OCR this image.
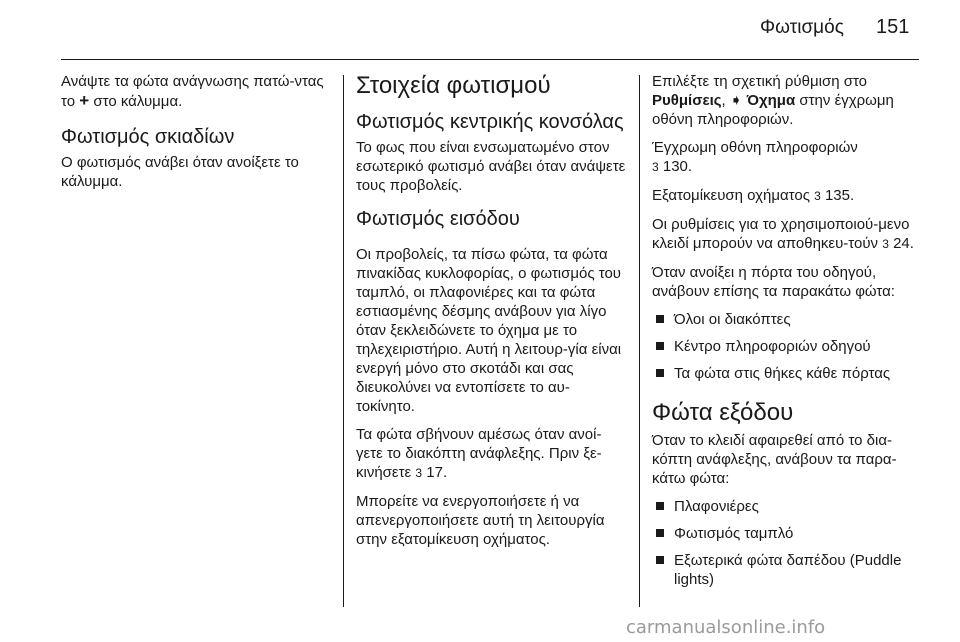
Φωτισμός 151

Ανάψτε τα φώτα ανάγνωσης πατώ-ντας το + στο κάλυμμα.

Φωτισμός σκιαδίων

Ο φωτισμός ανάβει όταν ανοίξετε το κάλυμμα.

Στοιχεία φωτισμού
Φωτισμός κεντρικής κονσόλας

Το φως που είναι ενσωματωμένο στον εσωτερικό φωτισμό ανάβει όταν ανάψετε τους προβολείς.

Φωτισμός εισόδου

Οι προβολείς, τα πίσω φώτα, τα φώτα πινακίδας κυκλοφορίας, ο φωτισμός του ταμπλό, οι πλαφονιέρες και τα φώτα εστιασμένης δέσμης ανάβουν για λίγο όταν ξεκλειδώνετε το όχημα με το τηλεχειριστήριο. Αυτή η λειτουρ-γία είναι ενεργή μόνο στο σκοτάδι και σας διευκολύνει να εντοπίσετε το αυ-τοκίνητο.

Τα φώτα σβήνουν αμέσως όταν ανοί-γετε το διακόπτη ανάφλεξης. Πριν ξε-κινήσετε 3 17.

Μπορείτε να ενεργοποιήσετε ή να απενεργοποιήσετε αυτή τη λειτουργία στην εξατομίκευση οχήματος.

Επιλέξτε τη σχετική ρύθμιση στο Ρυθμίσεις, ➧ Όχημα στην έγχρωμη οθόνη πληροφοριών.

Έγχρωμη οθόνη πληροφοριών
3 130.

Εξατομίκευση οχήματος 3 135.

Οι ρυθμίσεις για το χρησιμοποιού-μενο κλειδί μπορούν να αποθηκευ-τούν 3 24.

Όταν ανοίξει η πόρτα του οδηγού, ανάβουν επίσης τα παρακάτω φώτα:

Όλοι οι διακόπτες
Κέντρο πληροφοριών οδηγού
Τα φώτα στις θήκες κάθε πόρτας
Φώτα εξόδου

Όταν το κλειδί αφαιρεθεί από το δια-κόπτη ανάφλεξης, ανάβουν τα παρα-κάτω φώτα:

Πλαφονιέρες
Φωτισμός ταμπλό
Εξωτερικά φώτα δαπέδου (Puddle lights)
carmanualsonline.info
